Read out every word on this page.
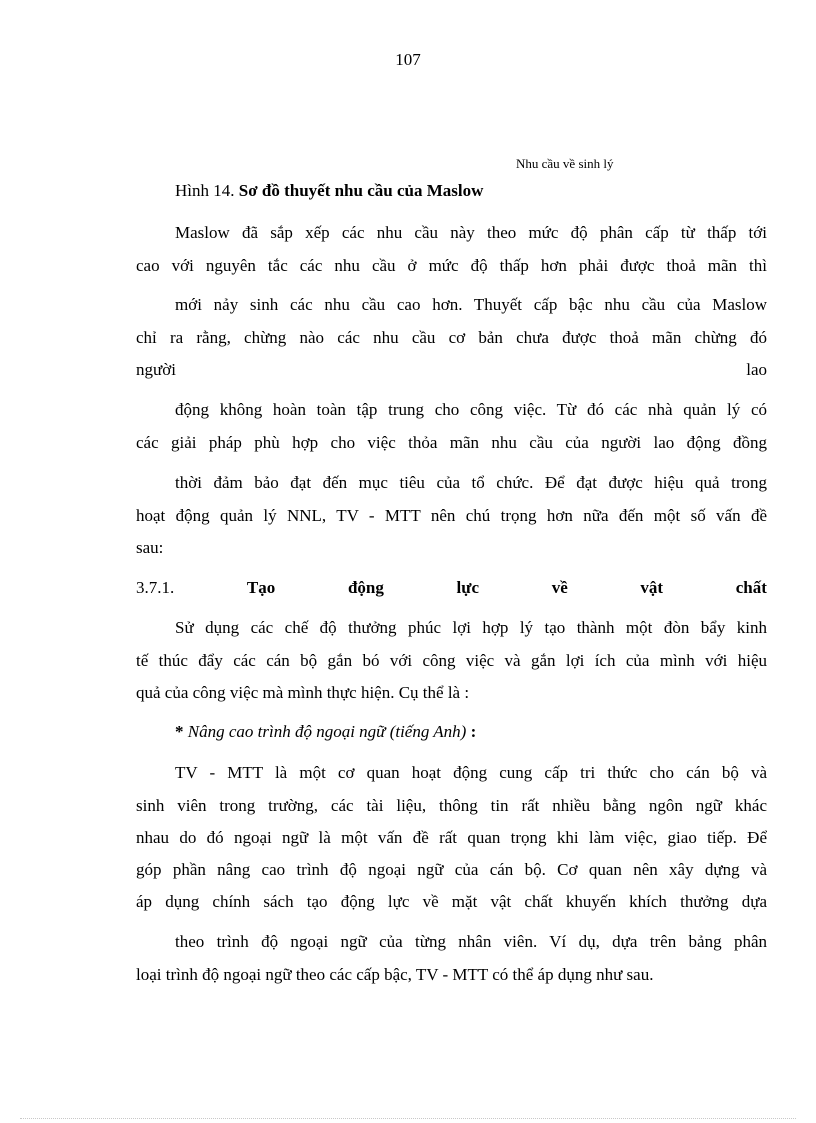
107
Nhu cầu về sinh lý
Hình 14. Sơ đồ thuyết nhu cầu của Maslow
Maslow đã sắp xếp các nhu cầu này theo mức độ phân cấp từ thấp tới
cao với nguyên tắc các nhu cầu ở mức độ thấp hơn phải được thoả mãn thì
mới nảy sinh các nhu cầu cao hơn. Thuyết cấp bậc nhu cầu của Maslow
chỉ ra rằng, chừng nào các nhu cầu cơ bản chưa được thoả mãn chừng đó
người	lao
động không hoàn toàn tập trung cho công việc. Từ đó các nhà quản lý có
các giải pháp phù hợp cho việc thỏa mãn nhu cầu của người lao động đồng
thời đảm bảo đạt đến mục tiêu của tổ chức. Để đạt được hiệu quả trong
hoạt động quản lý NNL, TV - MTT nên chú trọng hơn nữa đến một số vấn đề
sau:
3.7.1.	Tạo	động	lực	về	vật	chất
Sử dụng các chế độ thưởng phúc lợi hợp lý tạo thành một đòn bẩy kinh
tế thúc đẩy các cán bộ gắn bó với công việc và gắn lợi ích của mình với hiệu
quả của công việc mà mình thực hiện. Cụ thể là :
* Nâng cao trình độ ngoại ngữ (tiếng Anh) :
TV - MTT là một cơ quan hoạt động cung cấp tri thức cho cán bộ và
sinh viên trong trường, các tài liệu, thông tin rất nhiều bằng ngôn ngữ khác
nhau do đó ngoại ngữ là một vấn đề rất quan trọng khi làm việc, giao tiếp. Để
góp phần nâng cao trình độ ngoại ngữ của cán bộ. Cơ quan nên xây dựng và
áp dụng chính sách tạo động lực về mặt vật chất khuyến khích thưởng dựa
theo trình độ ngoại ngữ của từng nhân viên. Ví dụ, dựa trên bảng phân
loại trình độ ngoại ngữ theo các cấp bậc, TV - MTT có thể áp dụng như sau.
